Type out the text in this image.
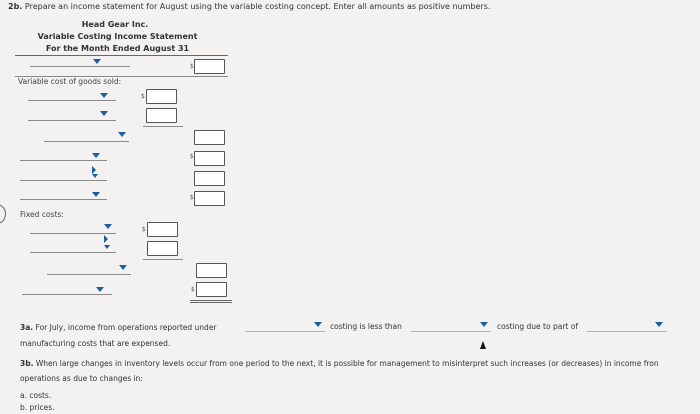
2b. Prepare an income statement for August using the variable costing concept. Enter all amounts as positive numbers.
Head Gear Inc.
Variable Costing Income Statement
For the Month Ended August 31
$
Variable cost of goods sold:
$
$
$
Fixed costs:
$
$
3a. For July, income from operations reported under	costing is less than	costing due to part of
manufacturing costs that are expensed.
3b. When large changes in inventory levels occur from one period to the next, it is possible for management to misinterpret such increases (or decreases) in income fron
operations as due to changes in:
a. costs.
b. prices.
